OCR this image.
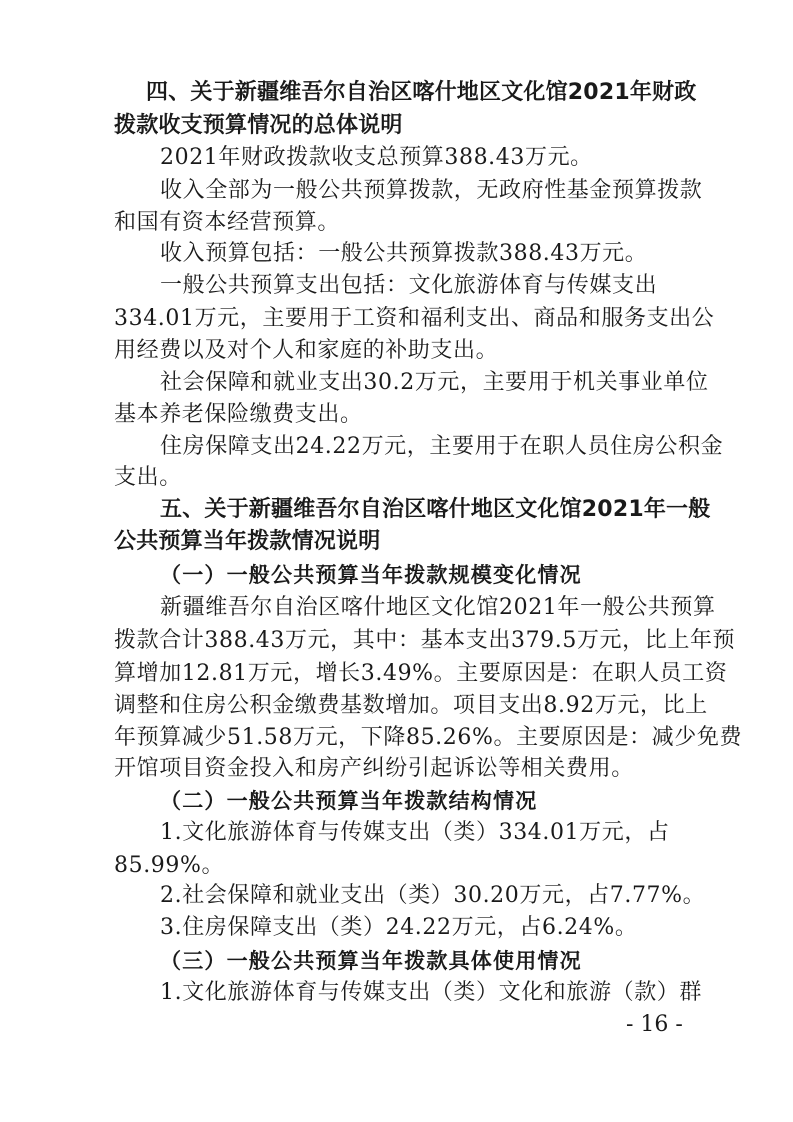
四、关于新疆维吾尔自治区喀什地区文化馆2021年财政
拨款收支预算情况的总体说明
2021年财政拨款收支总预算388.43万元。
收入全部为一般公共预算拨款，无政府性基金预算拨款
和国有资本经营预算。
收入预算包括：一般公共预算拨款388.43万元。
一般公共预算支出包括：文化旅游体育与传媒支出
334.01万元，主要用于工资和福利支出、商品和服务支出公
用经费以及对个人和家庭的补助支出。
社会保障和就业支出30.2万元，主要用于机关事业单位
基本养老保险缴费支出。
住房保障支出24.22万元，主要用于在职人员住房公积金
支出。
五、关于新疆维吾尔自治区喀什地区文化馆2021年一般
公共预算当年拨款情况说明
（一）一般公共预算当年拨款规模变化情况
新疆维吾尔自治区喀什地区文化馆2021年一般公共预算
拨款合计388.43万元，其中：基本支出379.5万元，比上年预
算增加12.81万元，增长3.49%。主要原因是：在职人员工资
调整和住房公积金缴费基数增加。项目支出8.92万元，比上
年预算减少51.58万元，下降85.26%。主要原因是：减少免费
开馆项目资金投入和房产纠纷引起诉讼等相关费用。
（二）一般公共预算当年拨款结构情况
1.文化旅游体育与传媒支出（类）334.01万元，占
85.99%。
2.社会保障和就业支出（类）30.20万元，占7.77%。
3.住房保障支出（类）24.22万元，占6.24%。
（三）一般公共预算当年拨款具体使用情况
1.文化旅游体育与传媒支出（类）文化和旅游（款）群
- 16 -
